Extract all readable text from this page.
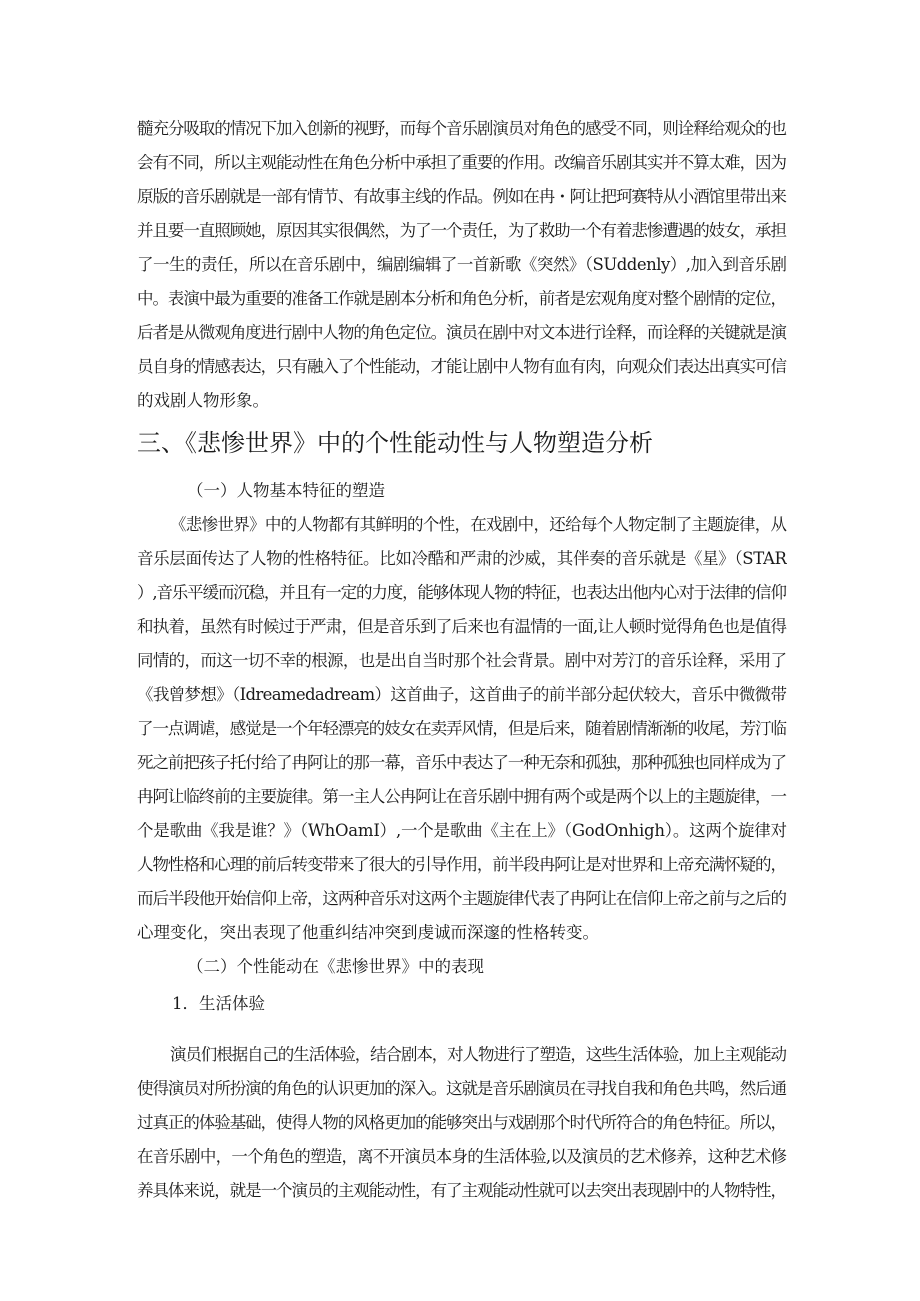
髓充分吸取的情况下加入创新的视野，而每个音乐剧演员对角色的感受不同，则诠释给观众的也
会有不同，所以主观能动性在角色分析中承担了重要的作用。改编音乐剧其实并不算太难，因为
原版的音乐剧就是一部有情节、有故事主线的作品。例如在冉・阿让把珂赛特从小酒馆里带出来
并且要一直照顾她，原因其实很偶然，为了一个责任，为了救助一个有着悲惨遭遇的妓女，承担
了一生的责任，所以在音乐剧中，编剧编辑了一首新歌《突然》（SUddenly）,加入到音乐剧
中。表演中最为重要的准备工作就是剧本分析和角色分析，前者是宏观角度对整个剧情的定位，
后者是从微观角度进行剧中人物的角色定位。演员在剧中对文本进行诠释，而诠释的关键就是演
员自身的情感表达，只有融入了个性能动，才能让剧中人物有血有肉，向观众们表达出真实可信
的戏剧人物形象。
三、《悲惨世界》中的个性能动性与人物塑造分析
（一）人物基本特征的塑造
《悲惨世界》中的人物都有其鲜明的个性，在戏剧中，还给每个人物定制了主题旋律，从
音乐层面传达了人物的性格特征。比如冷酷和严肃的沙威，其伴奏的音乐就是《星》（STAR
）,音乐平缓而沉稳，并且有一定的力度，能够体现人物的特征，也表达出他内心对于法律的信仰
和执着，虽然有时候过于严肃，但是音乐到了后来也有温情的一面,让人顿时觉得角色也是值得
同情的，而这一切不幸的根源，也是出自当时那个社会背景。剧中对芳汀的音乐诠释，采用了
《我曾梦想》（Idreamedadream）这首曲子，这首曲子的前半部分起伏较大，音乐中微微带
了一点调谑，感觉是一个年轻漂亮的妓女在卖弄风情，但是后来，随着剧情渐渐的收尾，芳汀临
死之前把孩子托付给了冉阿让的那一幕，音乐中表达了一种无奈和孤独，那种孤独也同样成为了
冉阿让临终前的主要旋律。第一主人公冉阿让在音乐剧中拥有两个或是两个以上的主题旋律，一
个是歌曲《我是谁？》（WhOamI）,一个是歌曲《主在上》（GodOnhigh）。这两个旋律对
人物性格和心理的前后转变带来了很大的引导作用，前半段冉阿让是对世界和上帝充满怀疑的，
而后半段他开始信仰上帝，这两种音乐对这两个主题旋律代表了冉阿让在信仰上帝之前与之后的
心理变化，突出表现了他重纠结冲突到虔诚而深邃的性格转变。
（二）个性能动在《悲惨世界》中的表现
1．生活体验
演员们根据自己的生活体验，结合剧本，对人物进行了塑造，这些生活体验，加上主观能动
使得演员对所扮演的角色的认识更加的深入。这就是音乐剧演员在寻找自我和角色共鸣，然后通
过真正的体验基础，使得人物的风格更加的能够突出与戏剧那个时代所符合的角色特征。所以，
在音乐剧中，一个角色的塑造，离不开演员本身的生活体验,以及演员的艺术修养，这种艺术修
养具体来说，就是一个演员的主观能动性，有了主观能动性就可以去突出表现剧中的人物特性，
